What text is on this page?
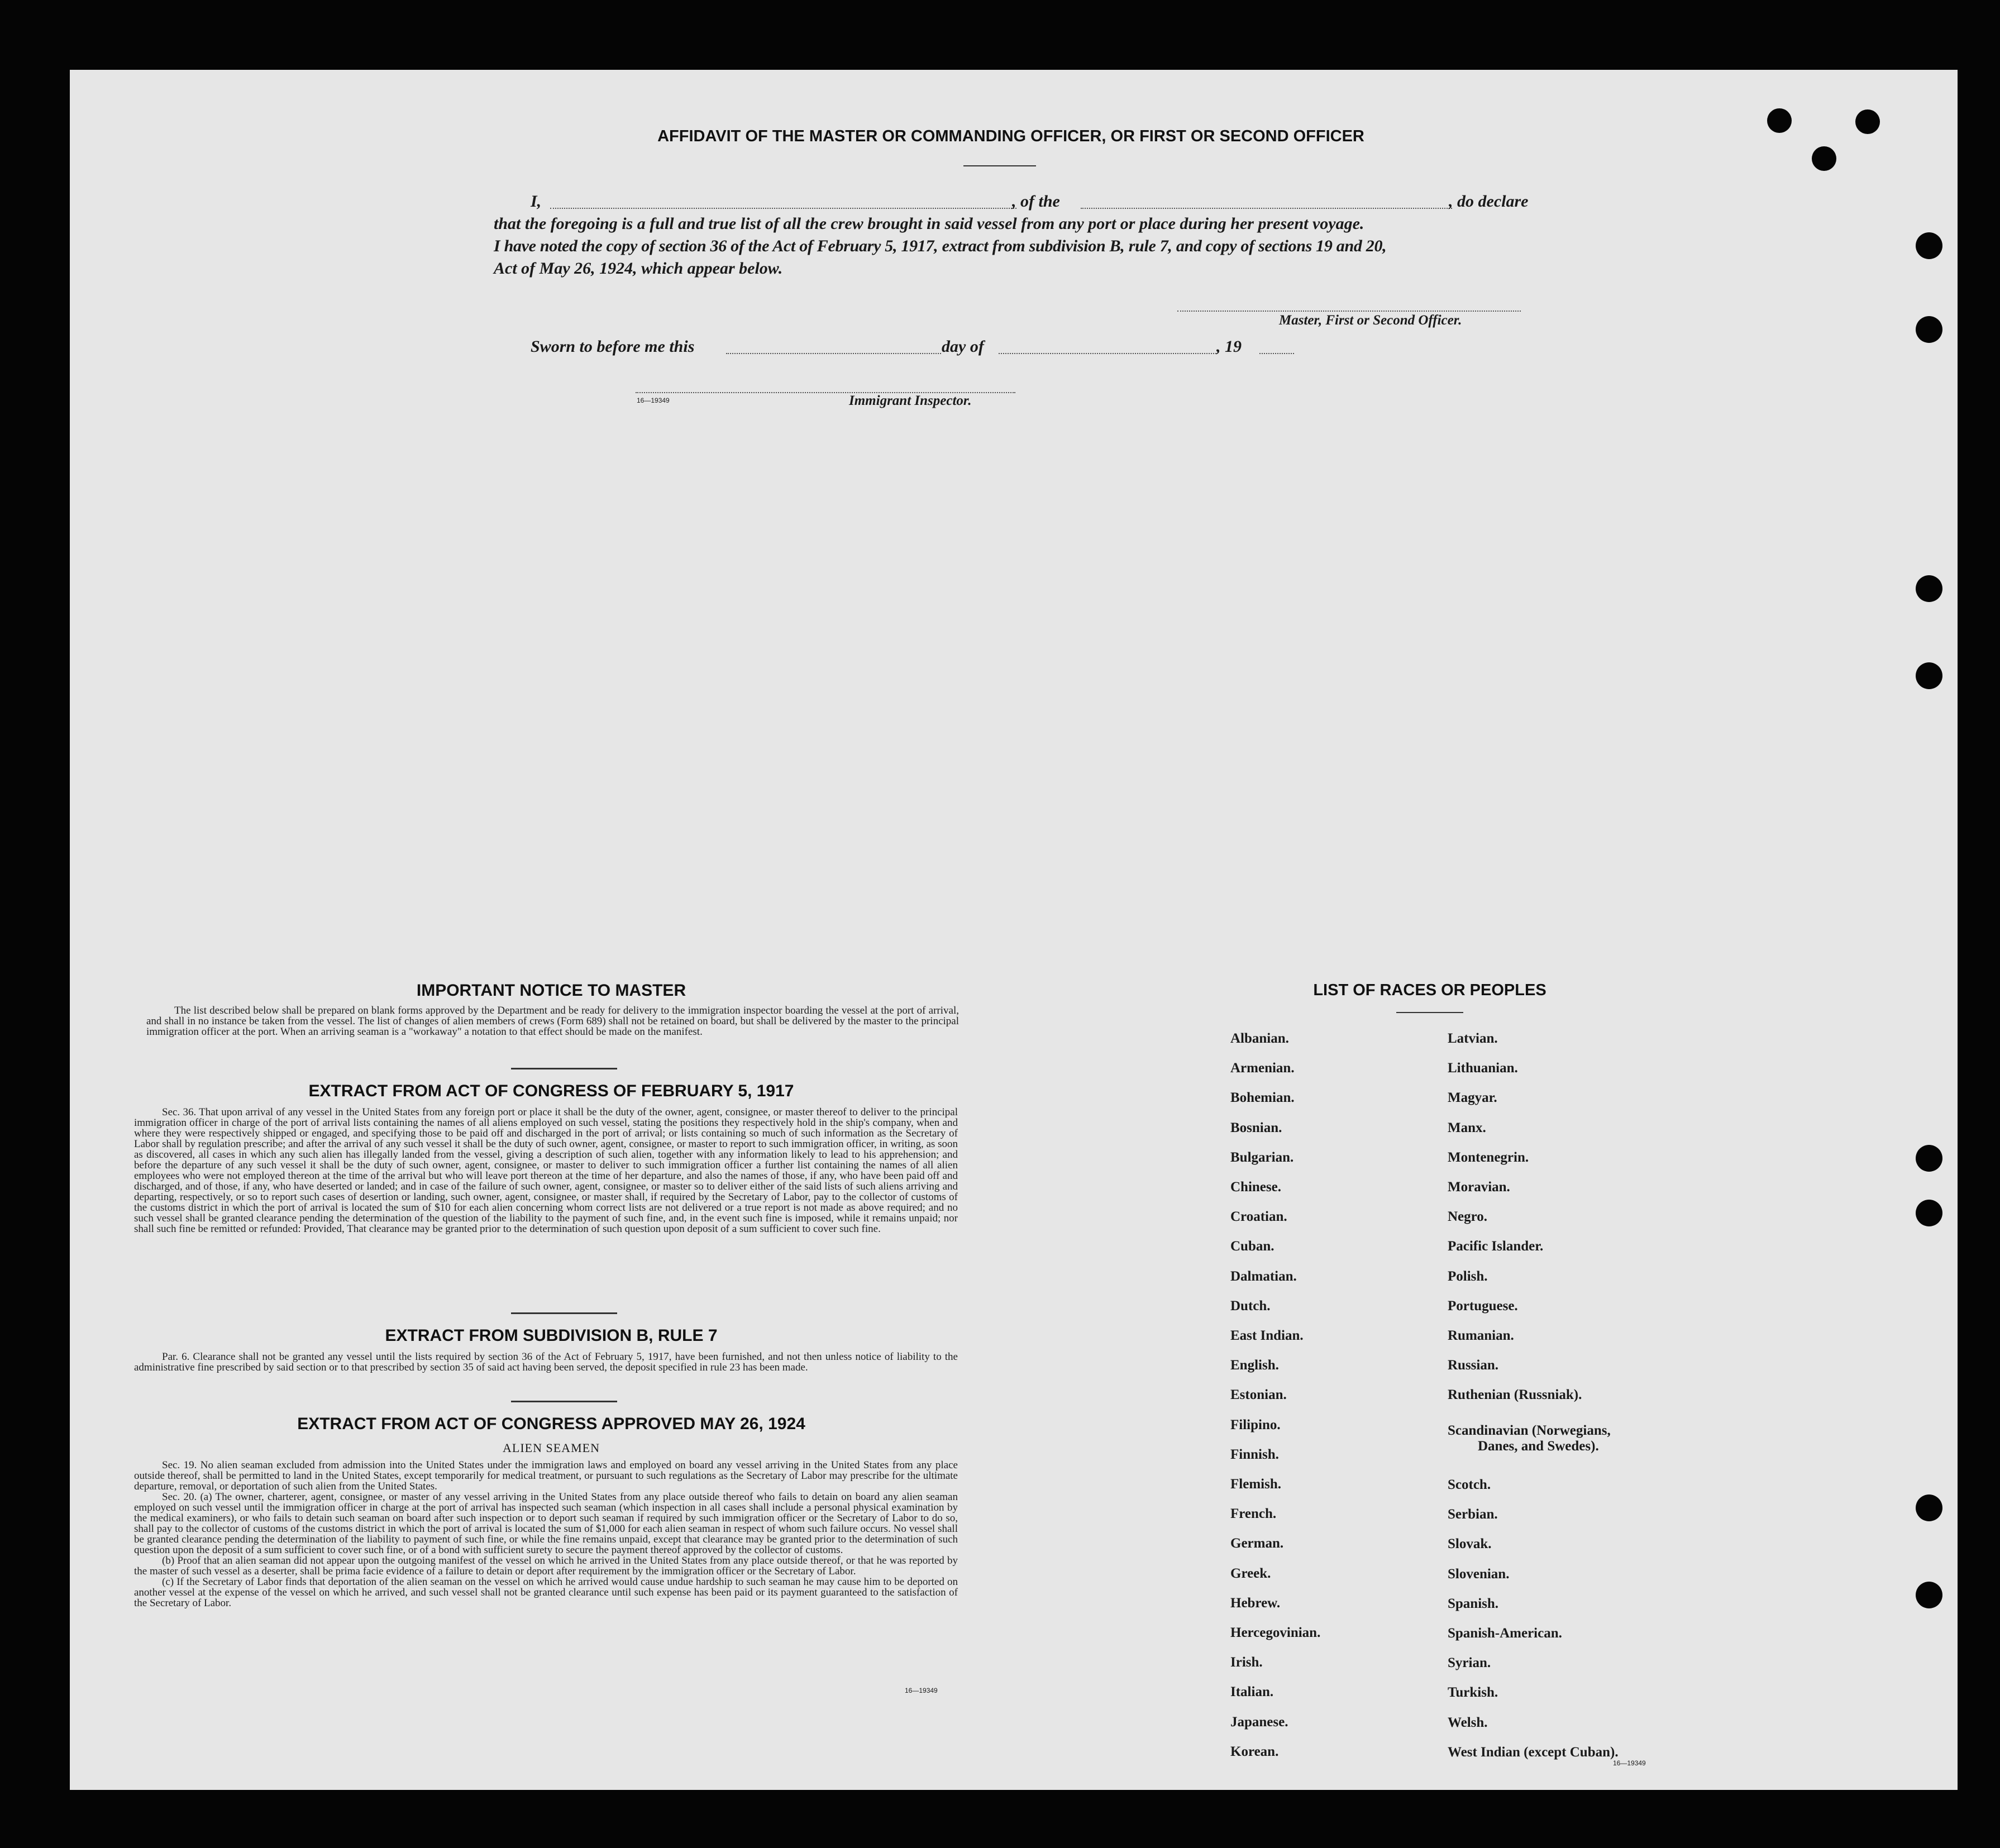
AFFIDAVIT OF THE MASTER OR COMMANDING OFFICER, OR FIRST OR SECOND OFFICER
I,	, of the	, do declare
that the foregoing is a full and true list of all the crew brought in said vessel from any port or place during her present voyage.
I have noted the copy of section 36 of the Act of February 5, 1917, extract from subdivision B, rule 7, and copy of sections 19 and 20,
Act of May 26, 1924, which appear below.
Master, First or Second Officer.
Sworn to before me this	day of	, 19
16—19349	Immigrant Inspector.
IMPORTANT NOTICE TO MASTER
The list described below shall be prepared on blank forms approved by the Department and be ready for delivery to the immigration inspector boarding the vessel at the port of arrival, and shall in no instance be taken from the vessel. The list of changes of alien members of crews (Form 689) shall not be retained on board, but shall be delivered by the master to the principal immigration officer at the port. When an arriving seaman is a "workaway" a notation to that effect should be made on the manifest.
EXTRACT FROM ACT OF CONGRESS OF FEBRUARY 5, 1917
Sec. 36. That upon arrival of any vessel in the United States from any foreign port or place it shall be the duty of the owner, agent, consignee, or master thereof to deliver to the principal immigration officer in charge of the port of arrival lists containing the names of all aliens employed on such vessel, stating the positions they respectively hold in the ship's company, when and where they were respectively shipped or engaged, and specifying those to be paid off and discharged in the port of arrival; or lists containing so much of such information as the Secretary of Labor shall by regulation prescribe; and after the arrival of any such vessel it shall be the duty of such owner, agent, consignee, or master to report to such immigration officer, in writing, as soon as discovered, all cases in which any such alien has illegally landed from the vessel, giving a description of such alien, together with any information likely to lead to his apprehension; and before the departure of any such vessel it shall be the duty of such owner, agent, consignee, or master to deliver to such immigration officer a further list containing the names of all alien employees who were not employed thereon at the time of the arrival but who will leave port thereon at the time of her departure, and also the names of those, if any, who have been paid off and discharged, and of those, if any, who have deserted or landed; and in case of the failure of such owner, agent, consignee, or master so to deliver either of the said lists of such aliens arriving and departing, respectively, or so to report such cases of desertion or landing, such owner, agent, consignee, or master shall, if required by the Secretary of Labor, pay to the collector of customs of the customs district in which the port of arrival is located the sum of $10 for each alien concerning whom correct lists are not delivered or a true report is not made as above required; and no such vessel shall be granted clearance pending the determination of the question of the liability to the payment of such fine, and, in the event such fine is imposed, while it remains unpaid; nor shall such fine be remitted or refunded: Provided, That clearance may be granted prior to the determination of such question upon deposit of a sum sufficient to cover such fine.
EXTRACT FROM SUBDIVISION B, RULE 7
Par. 6. Clearance shall not be granted any vessel until the lists required by section 36 of the Act of February 5, 1917, have been furnished, and not then unless notice of liability to the administrative fine prescribed by said section or to that prescribed by section 35 of said act having been served, the deposit specified in rule 23 has been made.
EXTRACT FROM ACT OF CONGRESS APPROVED MAY 26, 1924
ALIEN SEAMEN
Sec. 19. No alien seaman excluded from admission into the United States under the immigration laws and employed on board any vessel arriving in the United States from any place outside thereof, shall be permitted to land in the United States, except temporarily for medical treatment, or pursuant to such regulations as the Secretary of Labor may prescribe for the ultimate departure, removal, or deportation of such alien from the United States.
Sec. 20. (a) The owner, charterer, agent, consignee, or master of any vessel arriving in the United States from any place outside thereof who fails to detain on board any alien seaman employed on such vessel until the immigration officer in charge at the port of arrival has inspected such seaman (which inspection in all cases shall include a personal physical examination by the medical examiners), or who fails to detain such seaman on board after such inspection or to deport such seaman if required by such immigration officer or the Secretary of Labor to do so, shall pay to the collector of customs of the customs district in which the port of arrival is located the sum of $1,000 for each alien seaman in respect of whom such failure occurs. No vessel shall be granted clearance pending the determination of the liability to payment of such fine, or while the fine remains unpaid, except that clearance may be granted prior to the determination of such question upon the deposit of a sum sufficient to cover such fine, or of a bond with sufficient surety to secure the payment thereof approved by the collector of customs.
(b) Proof that an alien seaman did not appear upon the outgoing manifest of the vessel on which he arrived in the United States from any place outside thereof, or that he was reported by the master of such vessel as a deserter, shall be prima facie evidence of a failure to detain or deport after requirement by the immigration officer or the Secretary of Labor.
(c) If the Secretary of Labor finds that deportation of the alien seaman on the vessel on which he arrived would cause undue hardship to such seaman he may cause him to be deported on another vessel at the expense of the vessel on which he arrived, and such vessel shall not be granted clearance until such expense has been paid or its payment guaranteed to the satisfaction of the Secretary of Labor.
16—19349
LIST OF RACES OR PEOPLES
Albanian.
Armenian.
Bohemian.
Bosnian.
Bulgarian.
Chinese.
Croatian.
Cuban.
Dalmatian.
Dutch.
East Indian.
English.
Estonian.
Filipino.
Finnish.
Flemish.
French.
German.
Greek.
Hebrew.
Hercegovinian.
Irish.
Italian.
Japanese.
Korean.
Latvian.
Lithuanian.
Magyar.
Manx.
Montenegrin.
Moravian.
Negro.
Pacific Islander.
Polish.
Portuguese.
Rumanian.
Russian.
Ruthenian (Russniak).
Scandinavian (Norwegians,
Scotch.
Serbian.
Slovak.
Slovenian.
Spanish.
Spanish-American.
Syrian.
Turkish.
Welsh.
West Indian (except Cuban).
Danes, and Swedes).
16—19349
